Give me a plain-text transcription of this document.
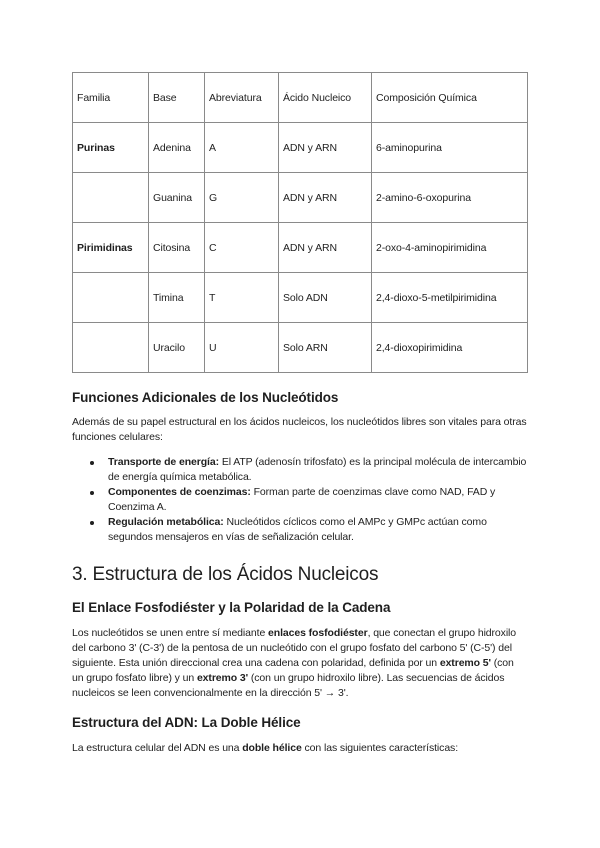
Familia	Base	Abreviatura	Ácido Nucleico	Composición Química
Purinas	Adenina	A	ADN y ARN	6-aminopurina
	Guanina	G	ADN y ARN	2-amino-6-oxopurina
Pirimidinas	Citosina	C	ADN y ARN	2-oxo-4-aminopirimidina
	Timina	T	Solo ADN	2,4-dioxo-5-metilpirimidina
	Uracilo	U	Solo ARN	2,4-dioxopirimidina
Funciones Adicionales de los Nucleótidos

Además de su papel estructural en los ácidos nucleicos, los nucleótidos libres son vitales para otras funciones celulares:

Transporte de energía: El ATP (adenosín trifosfato) es la principal molécula de intercambio de energía química metabólica.
Componentes de coenzimas: Forman parte de coenzimas clave como NAD, FAD y Coenzima A.
Regulación metabólica: Nucleótidos cíclicos como el AMPc y GMPc actúan como segundos mensajeros en vías de señalización celular.
3. Estructura de los Ácidos Nucleicos
El Enlace Fosfodiéster y la Polaridad de la Cadena

Los nucleótidos se unen entre sí mediante enlaces fosfodiéster, que conectan el grupo hidroxilo del carbono 3' (C-3') de la pentosa de un nucleótido con el grupo fosfato del carbono 5' (C-5') del siguiente. Esta unión direccional crea una cadena con polaridad, definida por un extremo 5' (con un grupo fosfato libre) y un extremo 3' (con un grupo hidroxilo libre). Las secuencias de ácidos nucleicos se leen convencionalmente en la dirección 5' → 3'.

Estructura del ADN: La Doble Hélice

La estructura celular del ADN es una doble hélice con las siguientes características:
